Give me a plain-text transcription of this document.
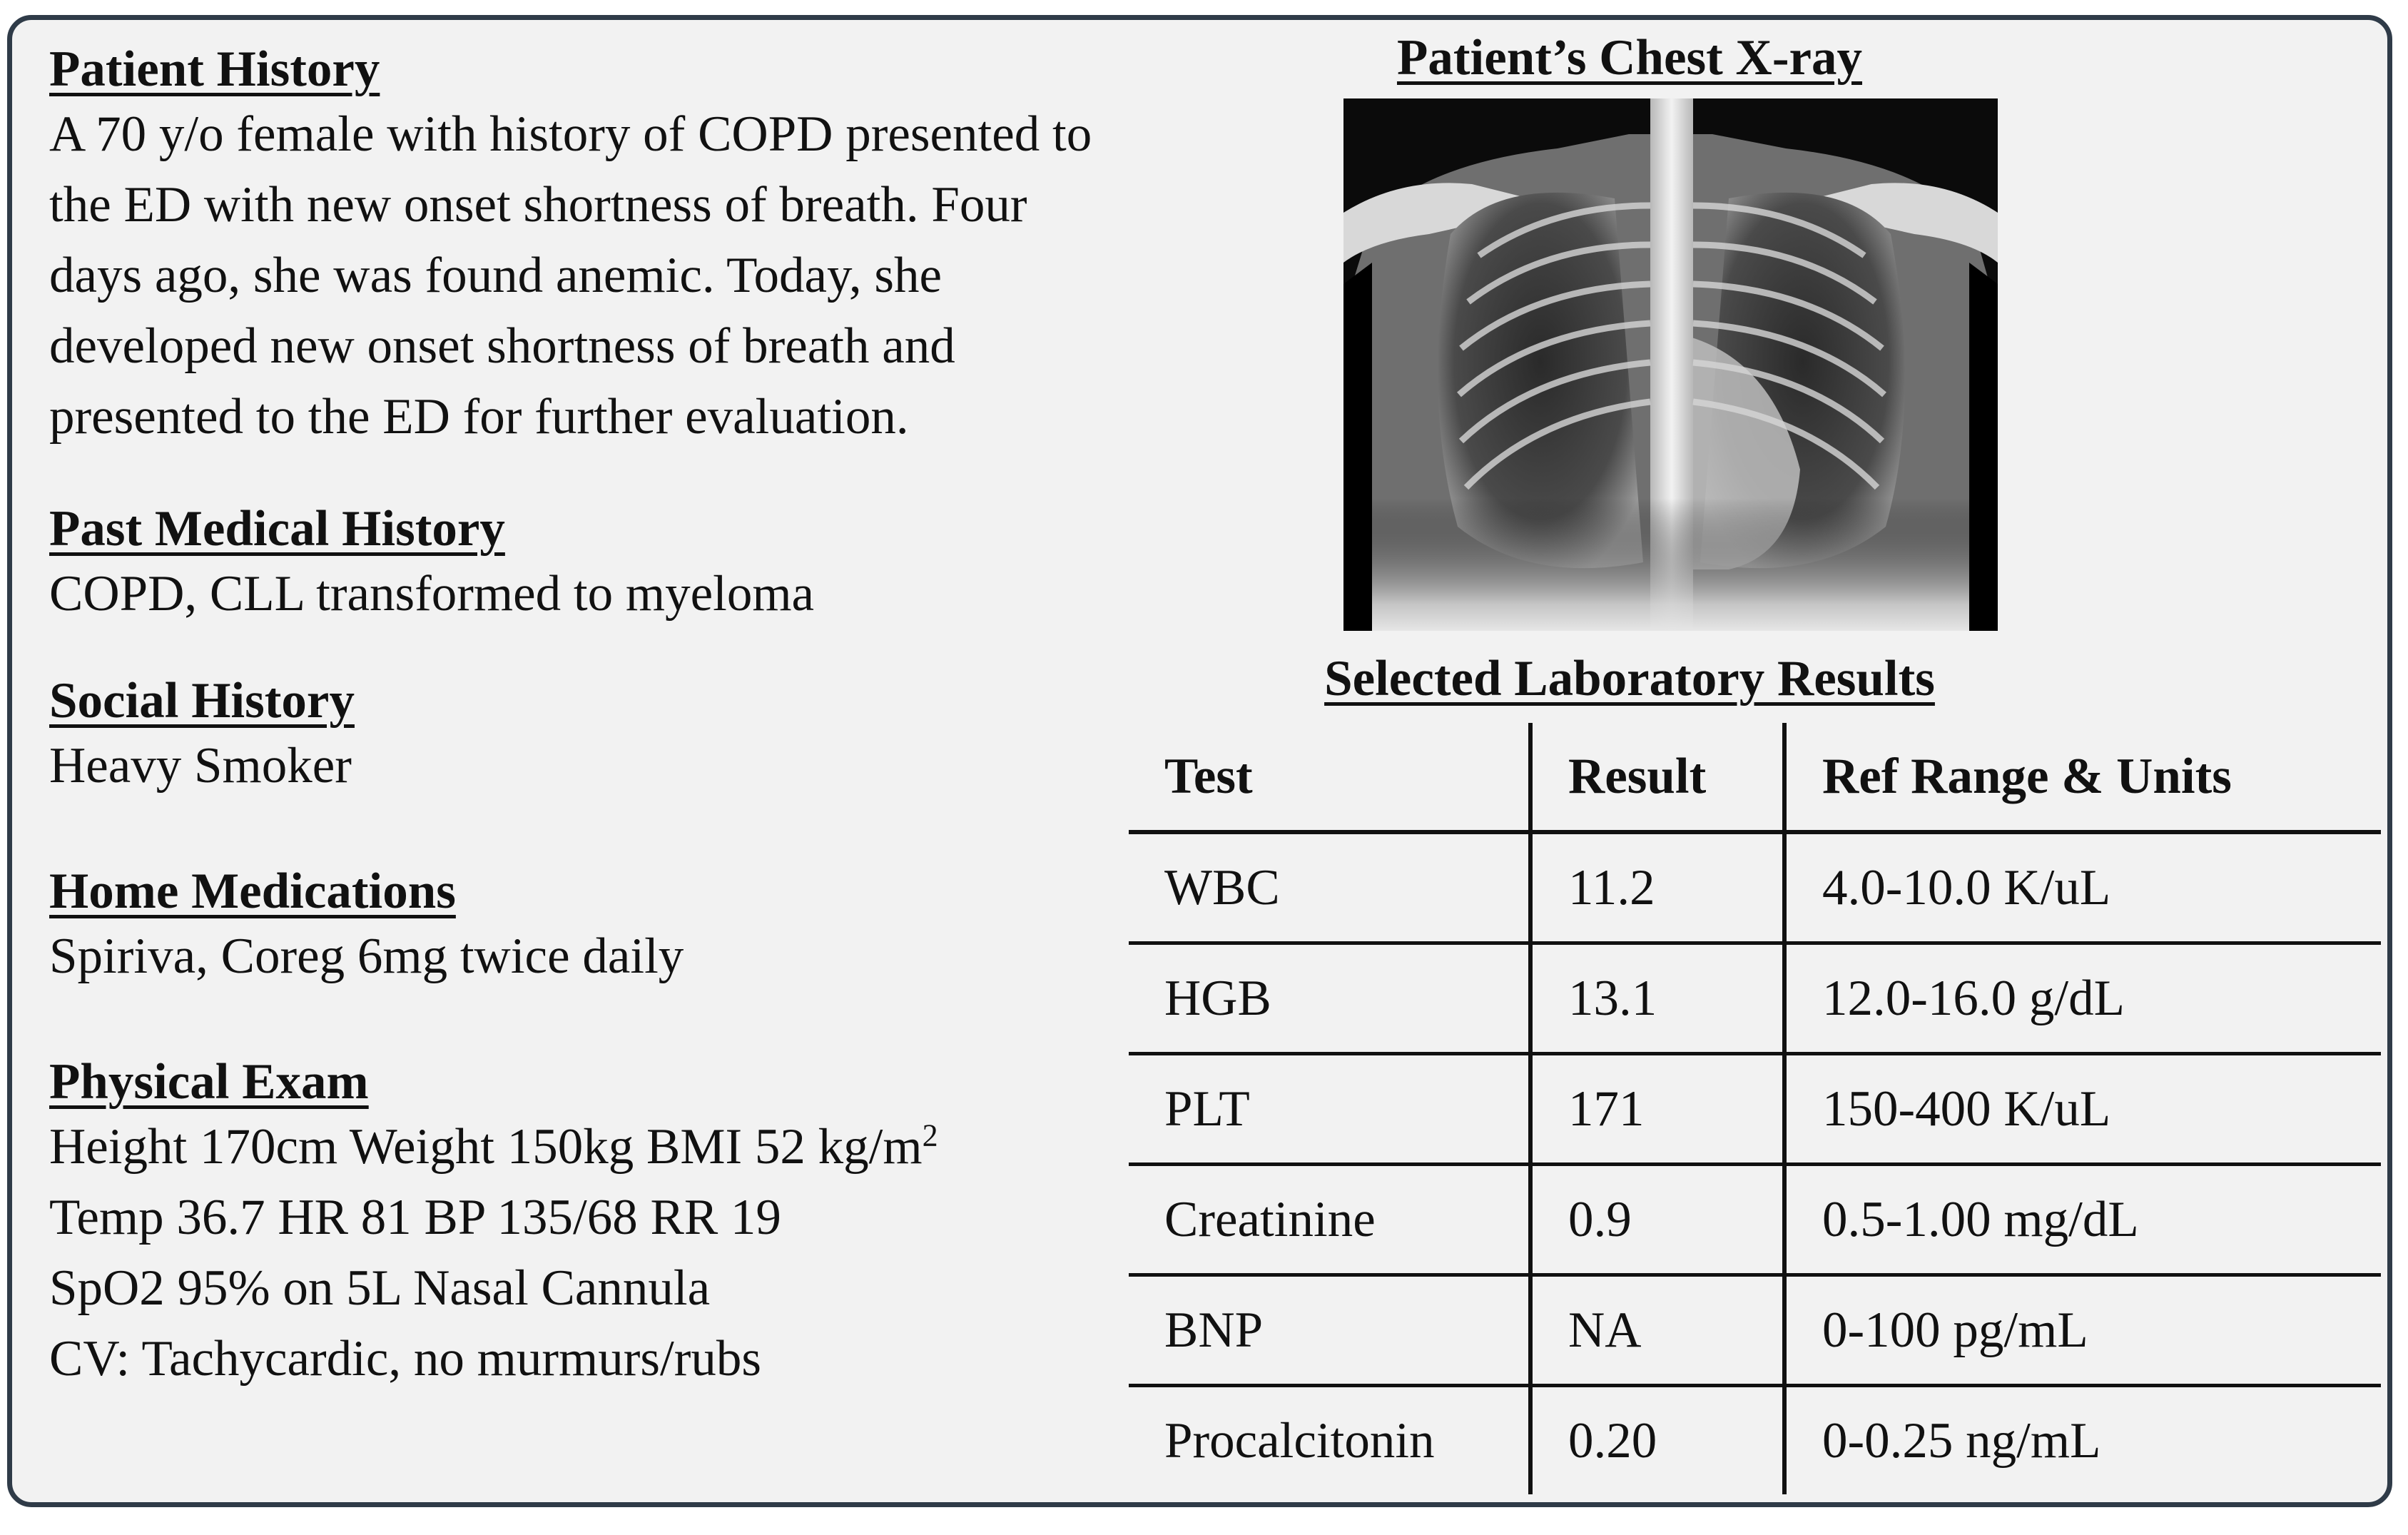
Patient History

A 70 y/o female with history of COPD presented to

the ED with new onset shortness of breath. Four

days ago, she was found anemic. Today, she

developed new onset shortness of breath and

presented to the ED for further evaluation.

Past Medical History

COPD, CLL transformed to myeloma

Social History

Heavy Smoker

Home Medications

Spiriva, Coreg 6mg twice daily

Physical Exam

Height 170cm Weight 150kg BMI 52 $kg/m^2$

Temp 36.7 HR 81 BP 135/68 RR 19

SpO2 95% on 5L Nasal Cannula

CV: Tachycardic, no murmurs/rubs

Patient’s Chest X-ray
Selected Laboratory Results
Test	Result	Ref Range & Units
WBC	11.2	4.0-10.0 K/uL
HGB	13.1	12.0-16.0 g/dL
PLT	171	150-400 K/uL
Creatinine	0.9	0.5-1.00 mg/dL
BNP	NA	0-100 pg/mL
Procalcitonin	0.20	0-0.25 ng/mL
